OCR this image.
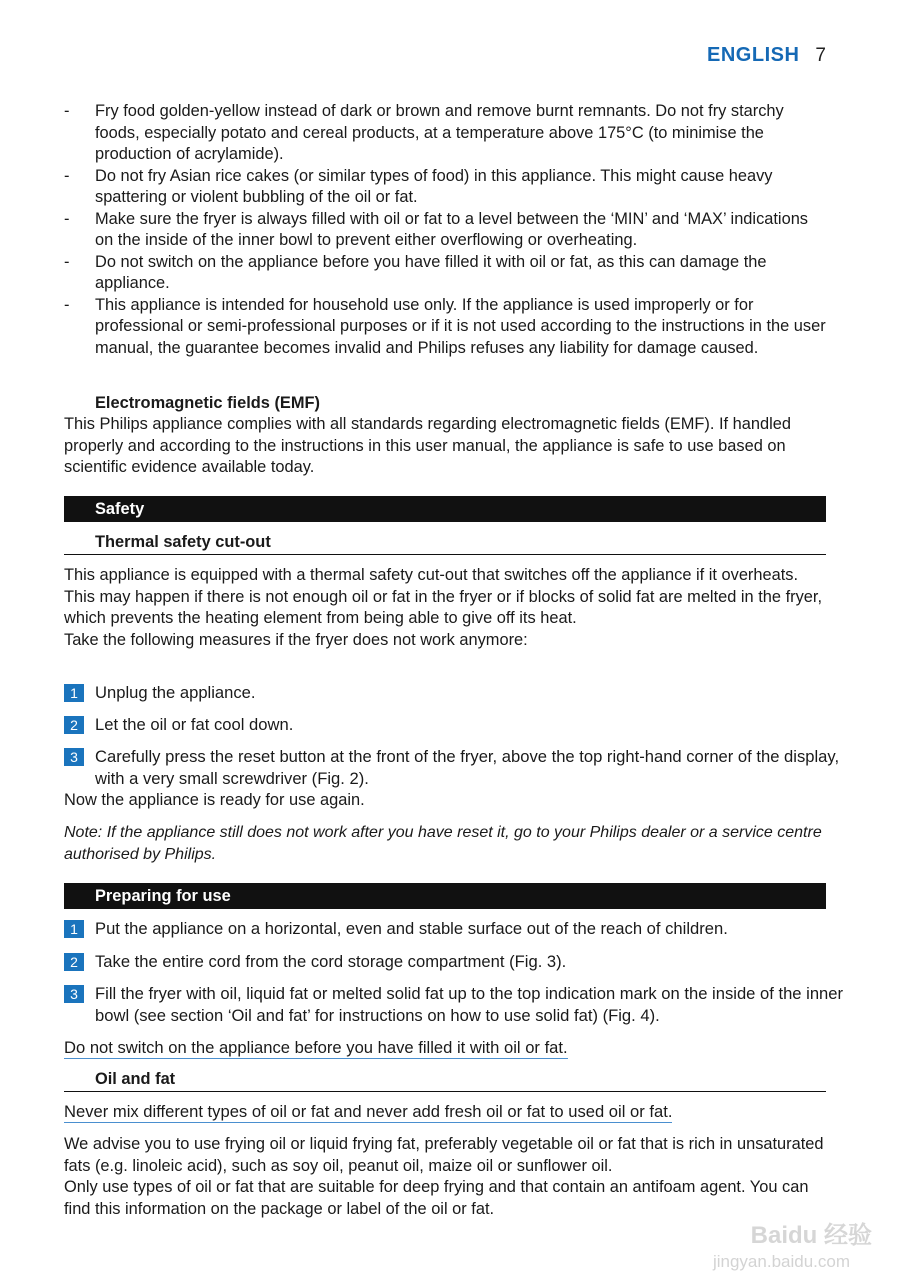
ENGLISH 7
- Fry food golden-yellow instead of dark or brown and remove burnt remnants. Do not fry starchy foods, especially potato and cereal products, at a temperature above 175°C (to minimise the production of acrylamide).
- Do not fry Asian rice cakes (or similar types of food) in this appliance. This might cause heavy spattering or violent bubbling of the oil or fat.
- Make sure the fryer is always filled with oil or fat to a level between the ‘MIN’ and ‘MAX’ indications on the inside of the inner bowl to prevent either overflowing or overheating.
- Do not switch on the appliance before you have filled it with oil or fat, as this can damage the appliance.
- This appliance is intended for household use only. If the appliance is used improperly or for professional or semi-professional purposes or if it is not used according to the instructions in the user manual, the guarantee becomes invalid and Philips refuses any liability for damage caused.
Electromagnetic fields (EMF)
This Philips appliance complies with all standards regarding electromagnetic fields (EMF). If handled properly and according to the instructions in this user manual, the appliance is safe to use based on scientific evidence available today.
Safety
Thermal safety cut-out
This appliance is equipped with a thermal safety cut-out that switches off the appliance if it overheats.
This may happen if there is not enough oil or fat in the fryer or if blocks of solid fat are melted in the fryer, which prevents the heating element from being able to give off its heat.
Take the following measures if the fryer does not work anymore:
1	Unplug the appliance.
2	Let the oil or fat cool down.
3	Carefully press the reset button at the front of the fryer, above the top right-hand corner of the display, with a very small screwdriver (Fig. 2).
Now the appliance is ready for use again.
Note: If the appliance still does not work after you have reset it, go to your Philips dealer or a service centre authorised by Philips.
Preparing for use
1	Put the appliance on a horizontal, even and stable surface out of the reach of children.
2	Take the entire cord from the cord storage compartment (Fig. 3).
3	Fill the fryer with oil, liquid fat or melted solid fat up to the top indication mark on the inside of the inner bowl (see section ‘Oil and fat’ for instructions on how to use solid fat) (Fig. 4).
Do not switch on the appliance before you have filled it with oil or fat.
Oil and fat
Never mix different types of oil or fat and never add fresh oil or fat to used oil or fat.
We advise you to use frying oil or liquid frying fat, preferably vegetable oil or fat that is rich in unsaturated fats (e.g. linoleic acid), such as soy oil, peanut oil, maize oil or sunflower oil.
Only use types of oil or fat that are suitable for deep frying and that contain an antifoam agent. You can find this information on the package or label of the oil or fat.
Baidu 经验
jingyan.baidu.com
